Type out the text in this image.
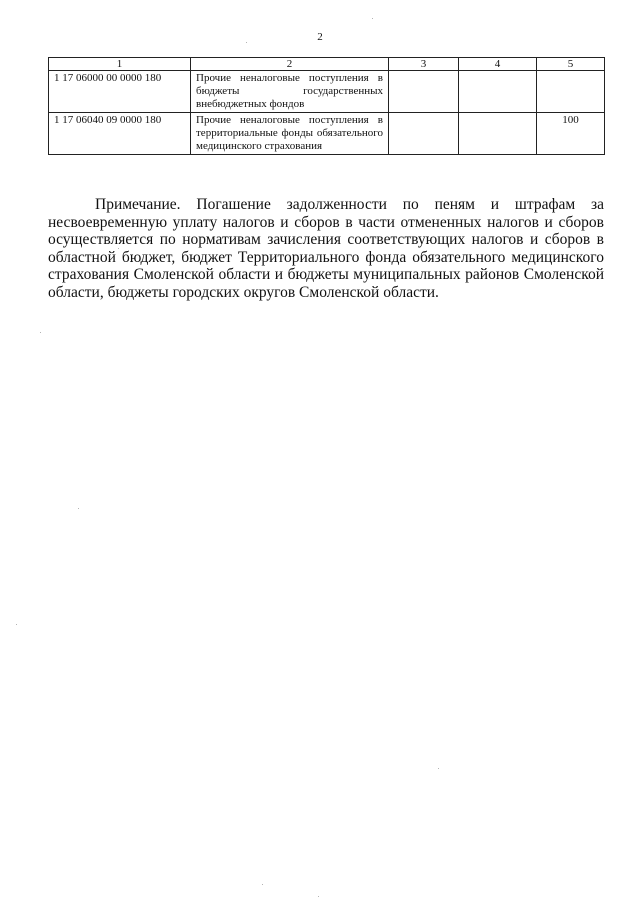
2
1	2	3	4	5
1 17 06000 00 0000 180	Прочие неналоговые поступления в бюджеты государственных внебюджетных фондов			
1 17 06040 09 0000 180	Прочие неналоговые поступления в территориальные фонды обязательного медицинского страхования			100

Примечание. Погашение задолженности по пеням и штрафам за несвоевременную уплату налогов и сборов в части отмененных налогов и сборов осуществляется по нормативам зачисления соответствующих налогов и сборов в областной бюджет, бюджет Территориального фонда обязательного медицинского страхования Смоленской области и бюджеты муниципальных районов Смоленской области, бюджеты городских округов Смоленской области.
